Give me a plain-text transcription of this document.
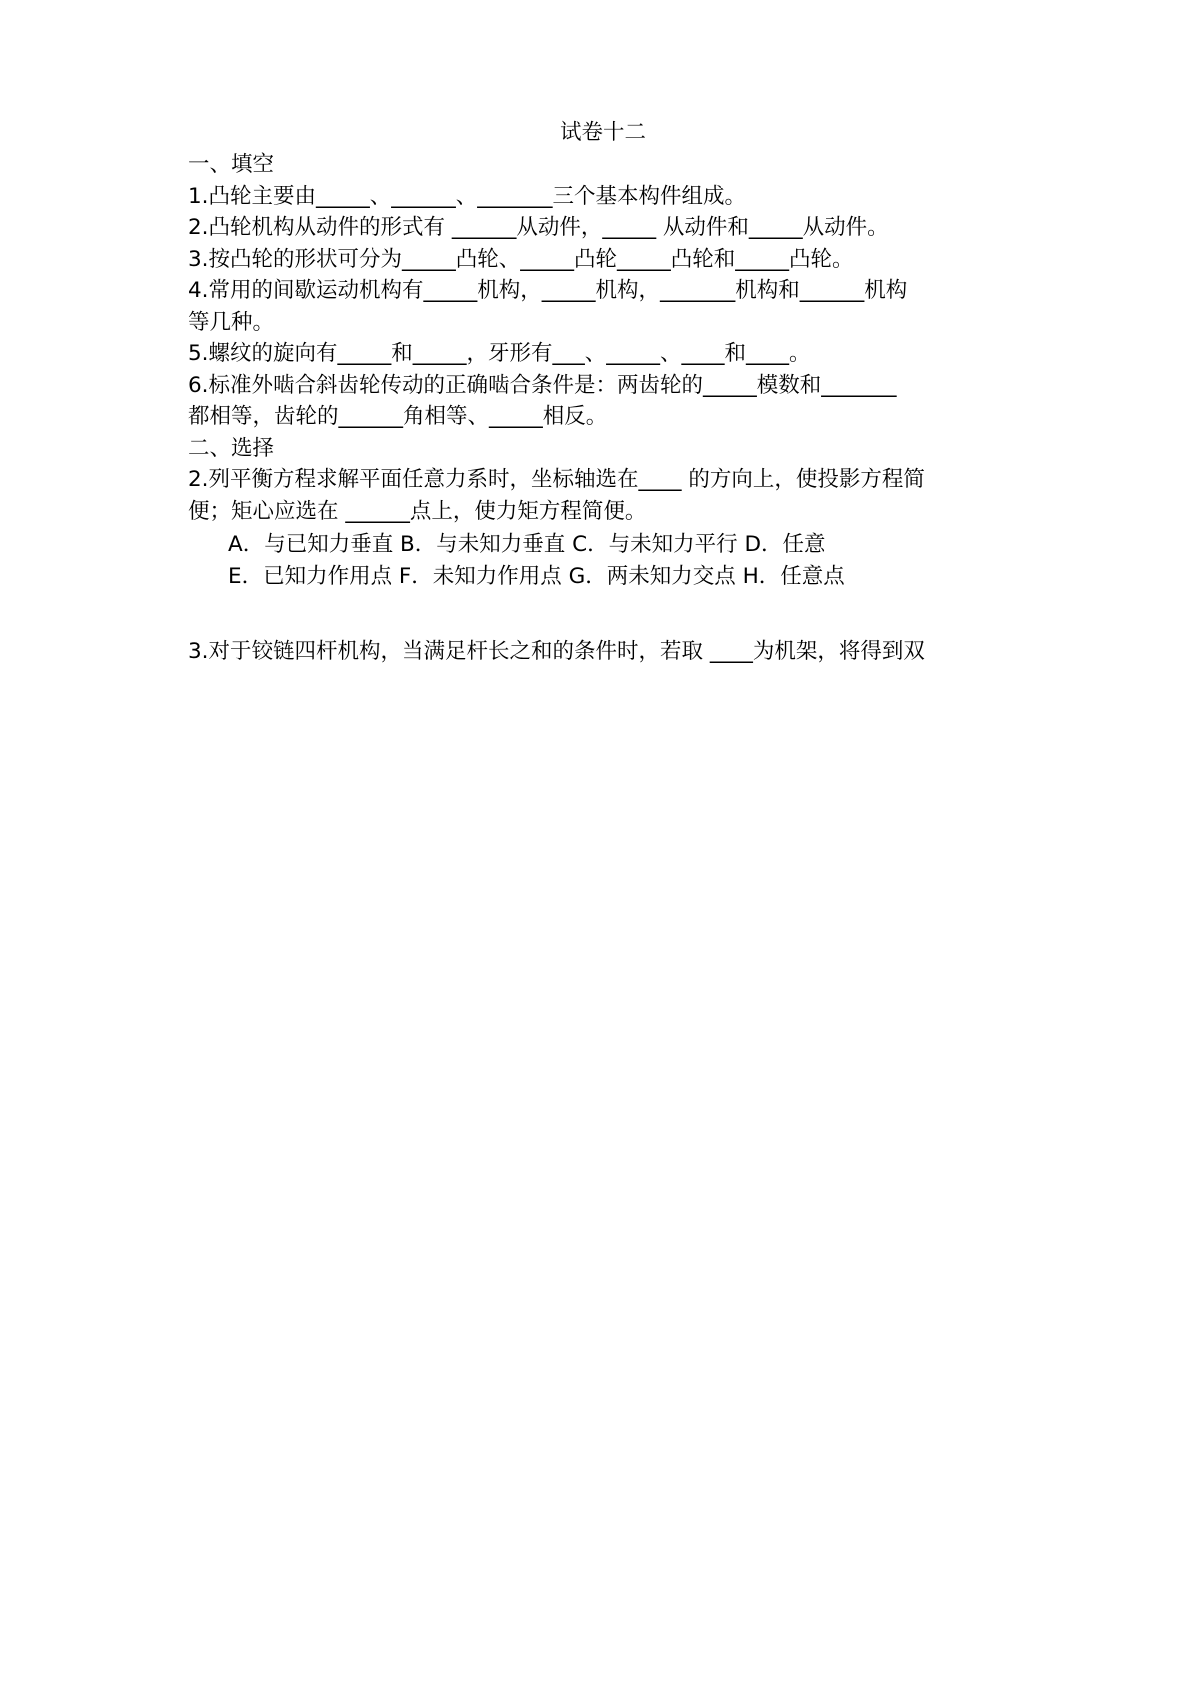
试卷十二
一、填空
1.凸轮主要由_____、______、_______三个基本构件组成。
2.凸轮机构从动件的形式有 ______从动件，_____ 从动件和_____从动件。
3.按凸轮的形状可分为_____凸轮、_____凸轮_____凸轮和_____凸轮。
4.常用的间歇运动机构有_____机构，_____机构，_______机构和______机构
等几种。
5.螺纹的旋向有_____和_____，牙形有___、_____、____和____。
6.标准外啮合斜齿轮传动的正确啮合条件是：两齿轮的_____模数和_______
都相等，齿轮的______角相等、_____相反。
二、选择
2.列平衡方程求解平面任意力系时，坐标轴选在____ 的方向上，使投影方程简
便；矩心应选在 ______点上，使力矩方程简便。
A．与已知力垂直 B．与未知力垂直 C．与未知力平行 D．任意
E．已知力作用点 F．未知力作用点 G．两未知力交点 H．任意点
3.对于铰链四杆机构，当满足杆长之和的条件时，若取 ____为机架，将得到双
